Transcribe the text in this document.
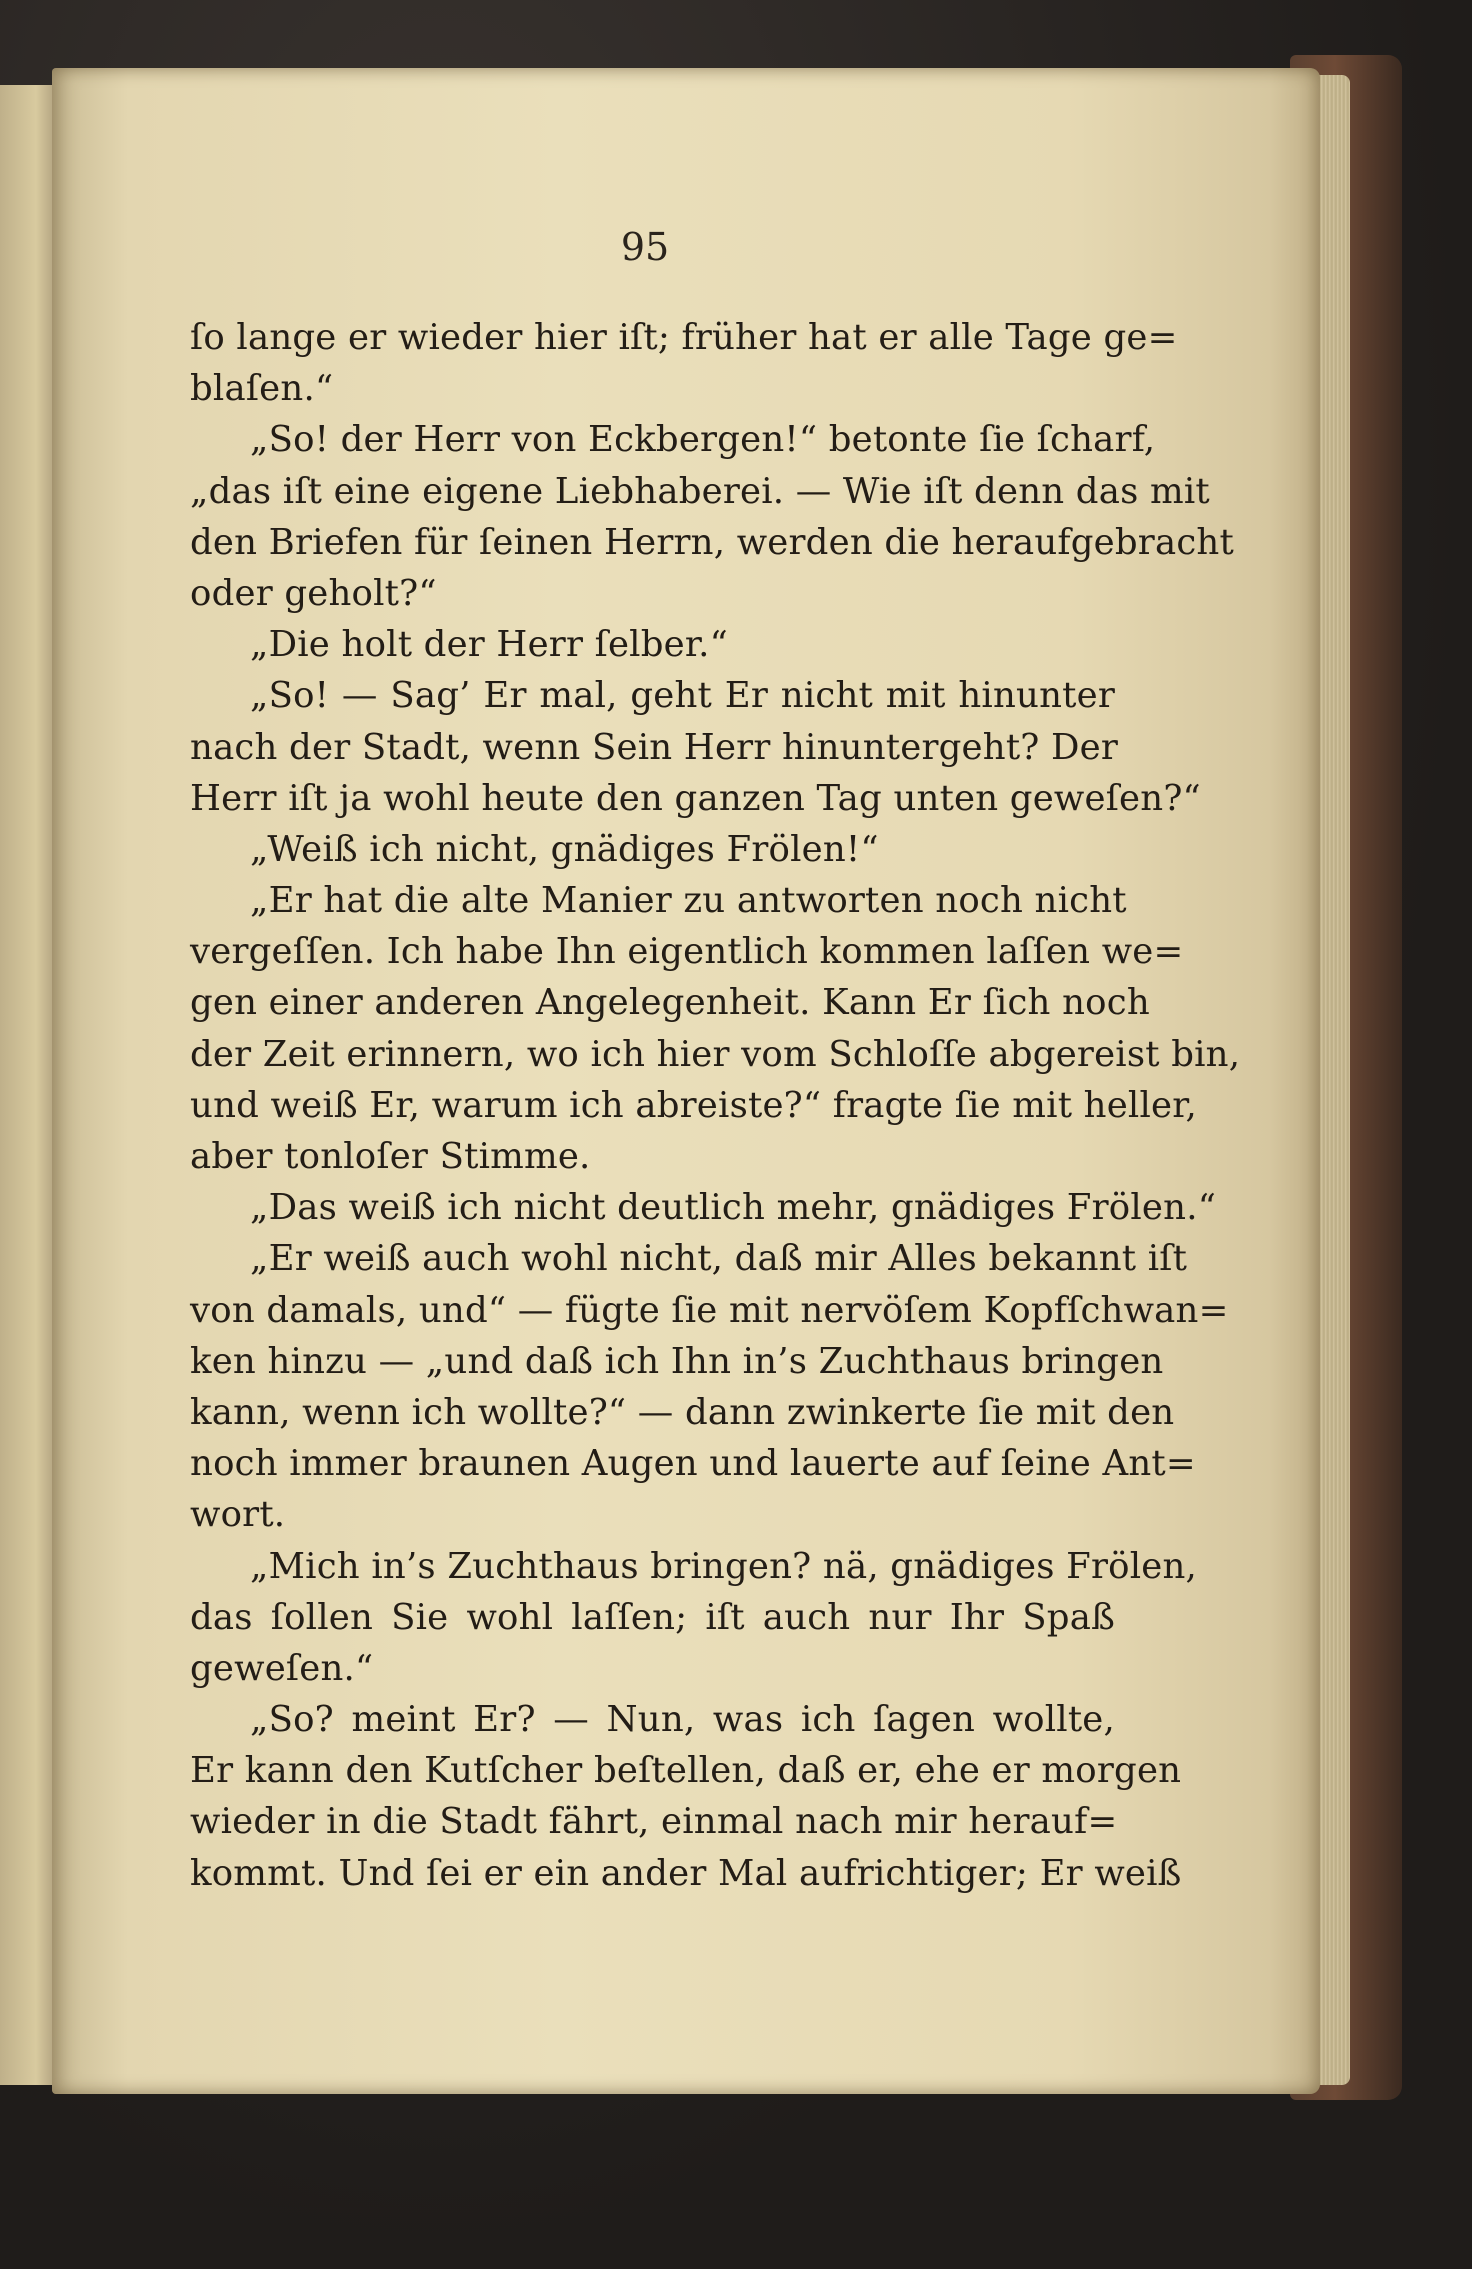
95
ſo lange er wieder hier iſt; früher hat er alle Tage ge=
blaſen.“
„So! der Herr von Eckbergen!“ betonte ſie ſcharf,
„das iſt eine eigene Liebhaberei. — Wie iſt denn das mit
den Briefen für ſeinen Herrn, werden die heraufgebracht
oder geholt?“
„Die holt der Herr ſelber.“
„So! — Sag’ Er mal, geht Er nicht mit hinunter
nach der Stadt, wenn Sein Herr hinuntergeht? Der
Herr iſt ja wohl heute den ganzen Tag unten geweſen?“
„Weiß ich nicht, gnädiges Frölen!“
„Er hat die alte Manier zu antworten noch nicht
vergeſſen. Ich habe Ihn eigentlich kommen laſſen we=
gen einer anderen Angelegenheit. Kann Er ſich noch
der Zeit erinnern, wo ich hier vom Schloſſe abgereist bin,
und weiß Er, warum ich abreiste?“ fragte ſie mit heller,
aber tonloſer Stimme.
„Das weiß ich nicht deutlich mehr, gnädiges Frölen.“
„Er weiß auch wohl nicht, daß mir Alles bekannt iſt
von damals, und“ — fügte ſie mit nervöſem Kopfſchwan=
ken hinzu — „und daß ich Ihn in’s Zuchthaus bringen
kann, wenn ich wollte?“ — dann zwinkerte ſie mit den
noch immer braunen Augen und lauerte auf ſeine Ant=
wort.
„Mich in’s Zuchthaus bringen? nä, gnädiges Frölen,
das ſollen Sie wohl laſſen; iſt auch nur Ihr Spaß
geweſen.“
„So? meint Er? — Nun, was ich ſagen wollte,
Er kann den Kutſcher beſtellen, daß er, ehe er morgen
wieder in die Stadt fährt, einmal nach mir herauf=
kommt. Und ſei er ein ander Mal aufrichtiger; Er weiß
